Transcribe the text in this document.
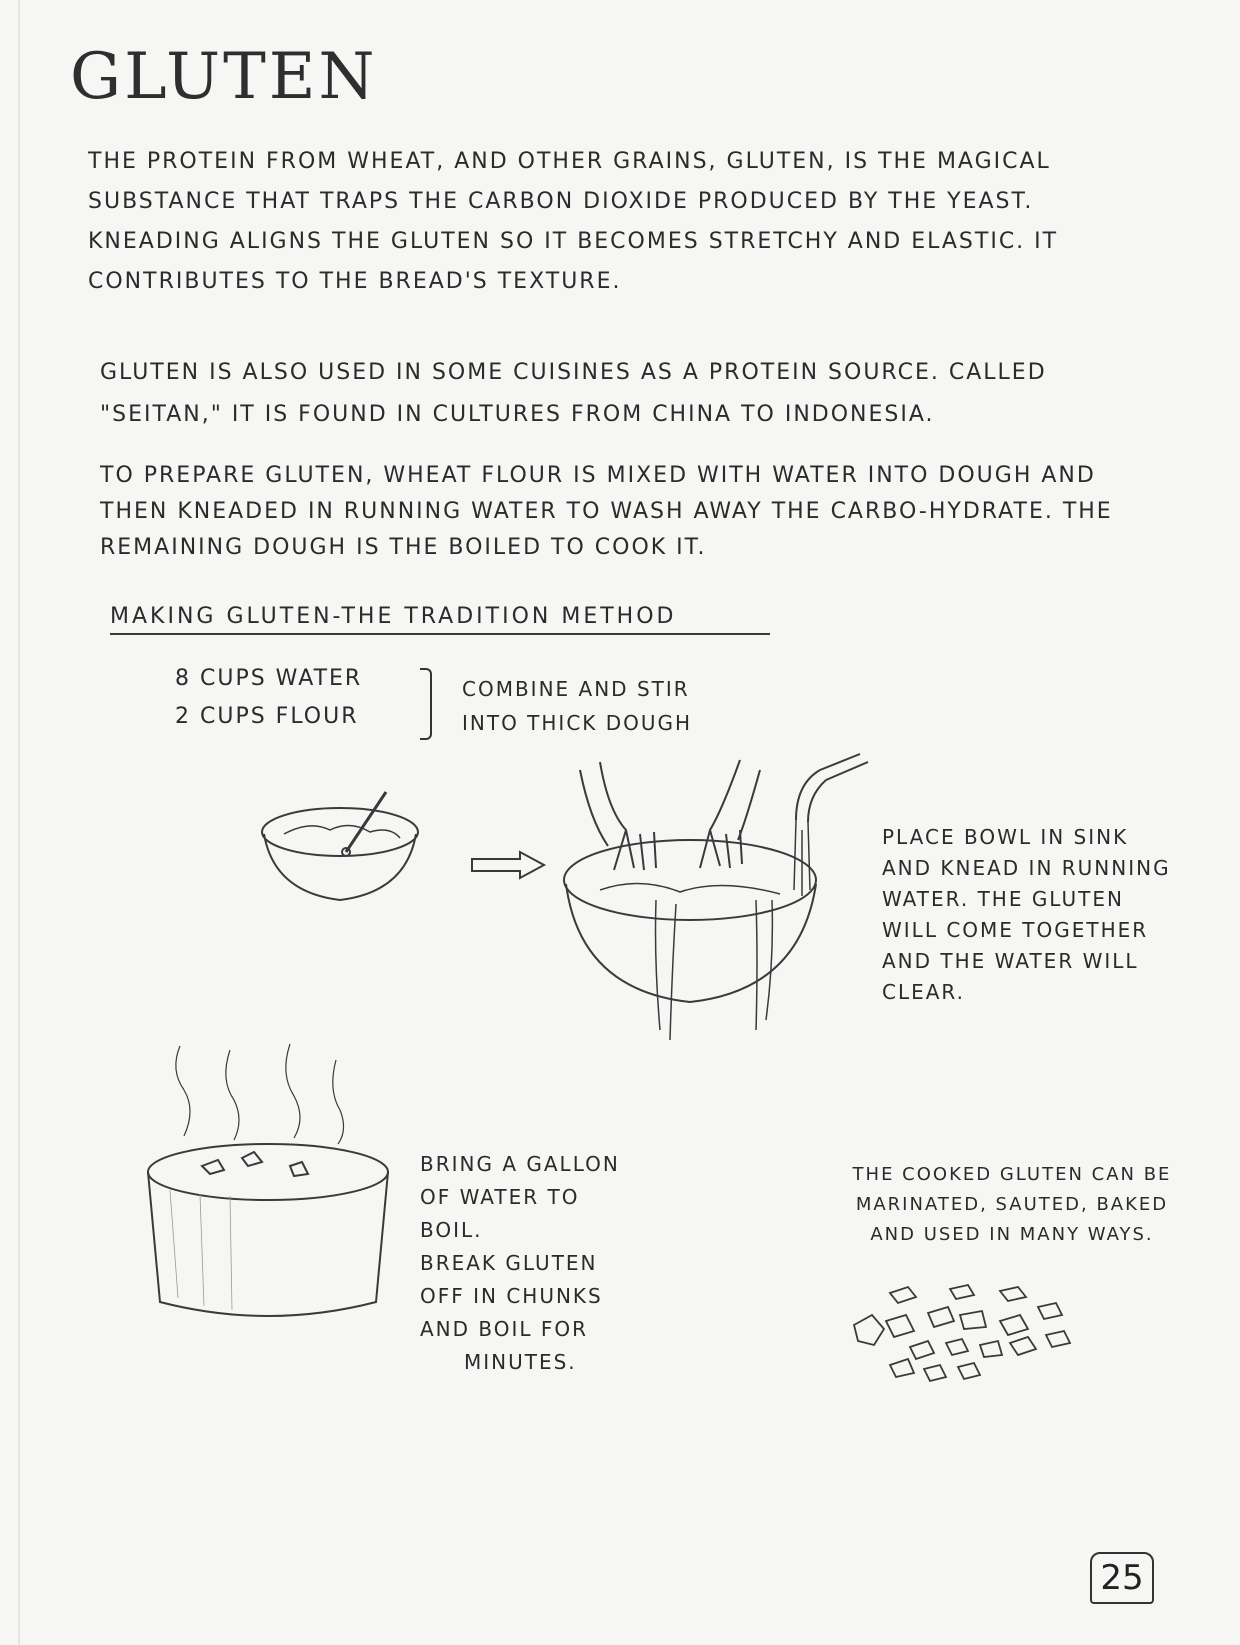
GLUTEN

THE PROTEIN FROM WHEAT, AND OTHER GRAINS, GLUTEN, IS THE MAGICAL SUBSTANCE THAT TRAPS THE CARBON DIOXIDE PRODUCED BY THE YEAST. KNEADING ALIGNS THE GLUTEN SO IT BECOMES STRETCHY AND ELASTIC. IT CONTRIBUTES TO THE BREAD'S TEXTURE.

GLUTEN IS ALSO USED IN SOME CUISINES AS A PROTEIN SOURCE. CALLED "SEITAN," IT IS FOUND IN CULTURES FROM CHINA TO INDONESIA.

TO PREPARE GLUTEN, WHEAT FLOUR IS MIXED WITH WATER INTO DOUGH AND THEN KNEADED IN RUNNING WATER TO WASH AWAY THE CARBO-HYDRATE. THE REMAINING DOUGH IS THE BOILED TO COOK IT.

MAKING GLUTEN-THE TRADITION METHOD
8 CUPS WATER
2 CUPS FLOUR
COMBINE AND STIR
INTO THICK DOUGH
PLACE BOWL IN SINK
AND KNEAD IN RUNNING
WATER. THE GLUTEN
WILL COME TOGETHER
AND THE WATER WILL
CLEAR.
BRING A GALLON
OF WATER TO
BOIL.
BREAK GLUTEN
OFF IN CHUNKS
AND BOIL FOR
MINUTES.
THE COOKED GLUTEN CAN BE
MARINATED, SAUTED, BAKED
AND USED IN MANY WAYS.
25
